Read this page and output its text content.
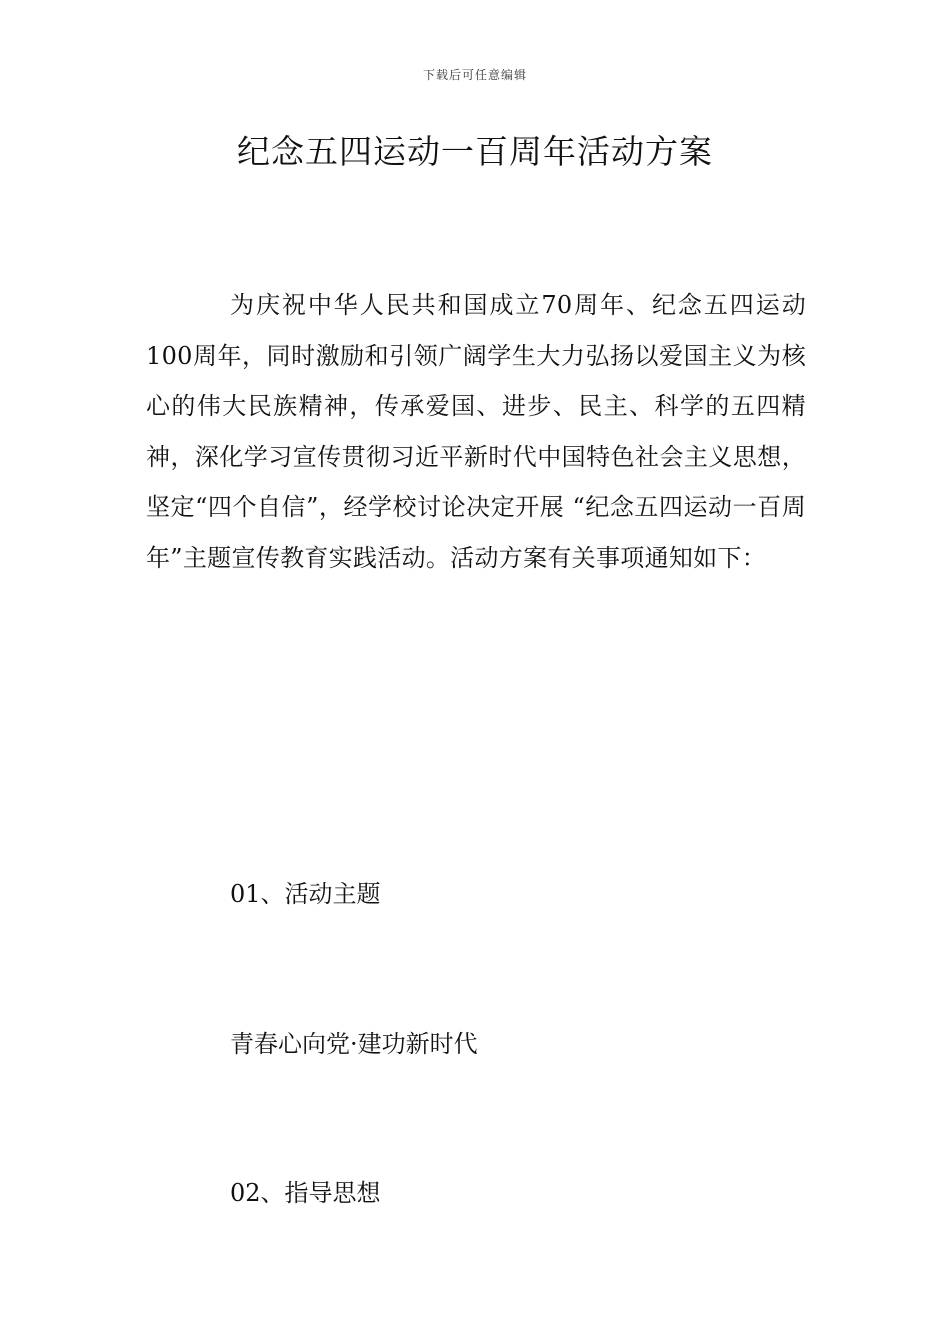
下载后可任意编辑
纪念五四运动一百周年活动方案

为庆祝中华人民共和国成立70周年、纪念五四运动100周年，同时激励和引领广阔学生大力弘扬以爱国主义为核心的伟大民族精神，传承爱国、进步、民主、科学的五四精神，深化学习宣传贯彻习近平新时代中国特色社会主义思想，坚定“四个自信”，经学校讨论决定开展 “纪念五四运动一百周年”主题宣传教育实践活动。活动方案有关事项通知如下：

01、活动主题

青春心向党·建功新时代

02、指导思想
